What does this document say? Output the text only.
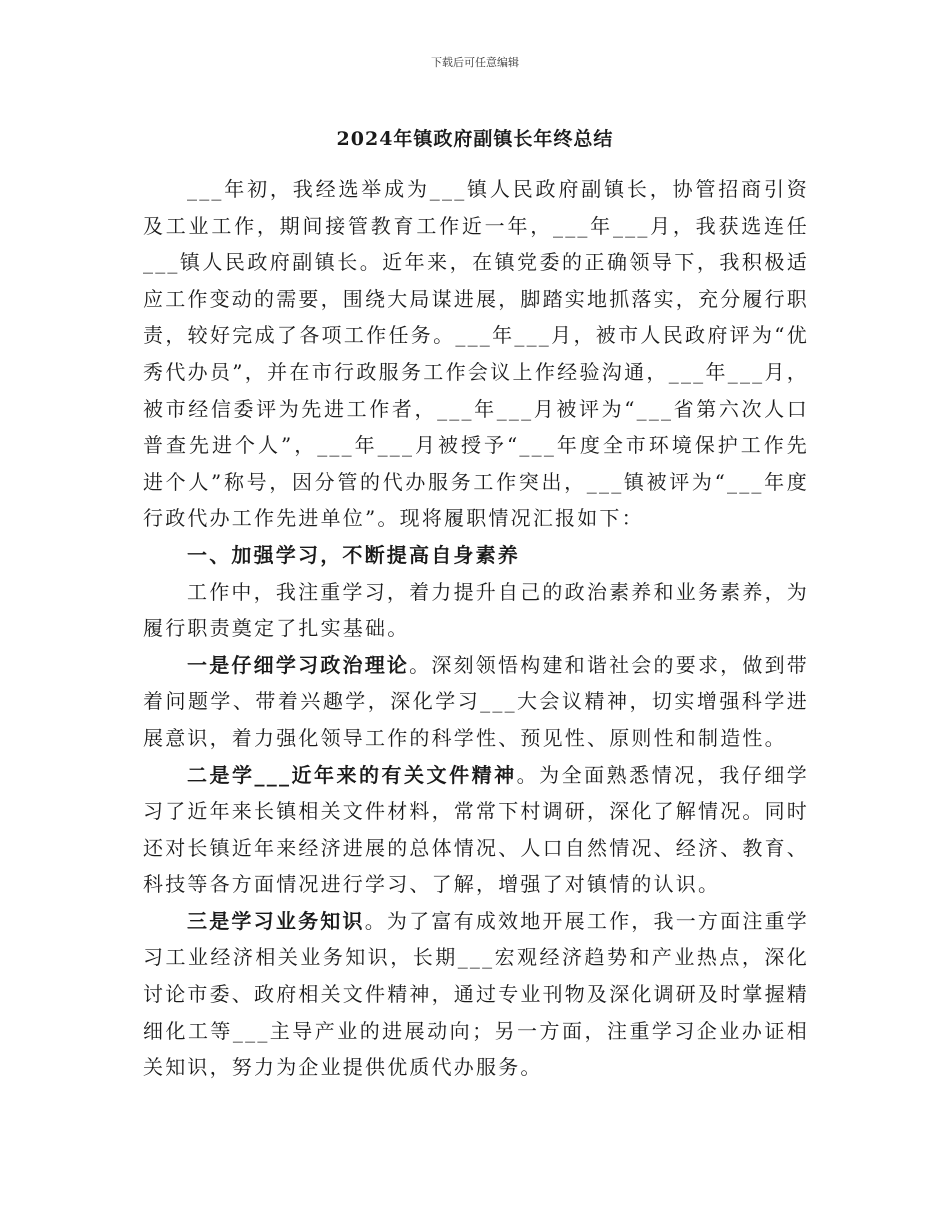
下载后可任意编辑
2024年镇政府副镇长年终总结

___年初，我经选举成为___镇人民政府副镇长，协管招商引资及工业工作，期间接管教育工作近一年，___年___月，我获选连任___镇人民政府副镇长。近年来，在镇党委的正确领导下，我积极适应工作变动的需要，围绕大局谋进展，脚踏实地抓落实，充分履行职责，较好完成了各项工作任务。___年___月，被市人民政府评为“优秀代办员”，并在市行政服务工作会议上作经验沟通，___年___月，被市经信委评为先进工作者，___年___月被评为“___省第六次人口普查先进个人”，___年___月被授予“___年度全市环境保护工作先进个人”称号，因分管的代办服务工作突出，___镇被评为“___年度行政代办工作先进单位”。现将履职情况汇报如下：

一、加强学习，不断提高自身素养

工作中，我注重学习，着力提升自己的政治素养和业务素养，为履行职责奠定了扎实基础。

一是仔细学习政治理论。深刻领悟构建和谐社会的要求，做到带着问题学、带着兴趣学，深化学习___大会议精神，切实增强科学进展意识，着力强化领导工作的科学性、预见性、原则性和制造性。

二是学___近年来的有关文件精神。为全面熟悉情况，我仔细学习了近年来长镇相关文件材料，常常下村调研，深化了解情况。同时还对长镇近年来经济进展的总体情况、人口自然情况、经济、教育、科技等各方面情况进行学习、了解，增强了对镇情的认识。

三是学习业务知识。为了富有成效地开展工作，我一方面注重学习工业经济相关业务知识，长期___宏观经济趋势和产业热点，深化讨论市委、政府相关文件精神，通过专业刊物及深化调研及时掌握精细化工等___主导产业的进展动向；另一方面，注重学习企业办证相关知识，努力为企业提供优质代办服务。
